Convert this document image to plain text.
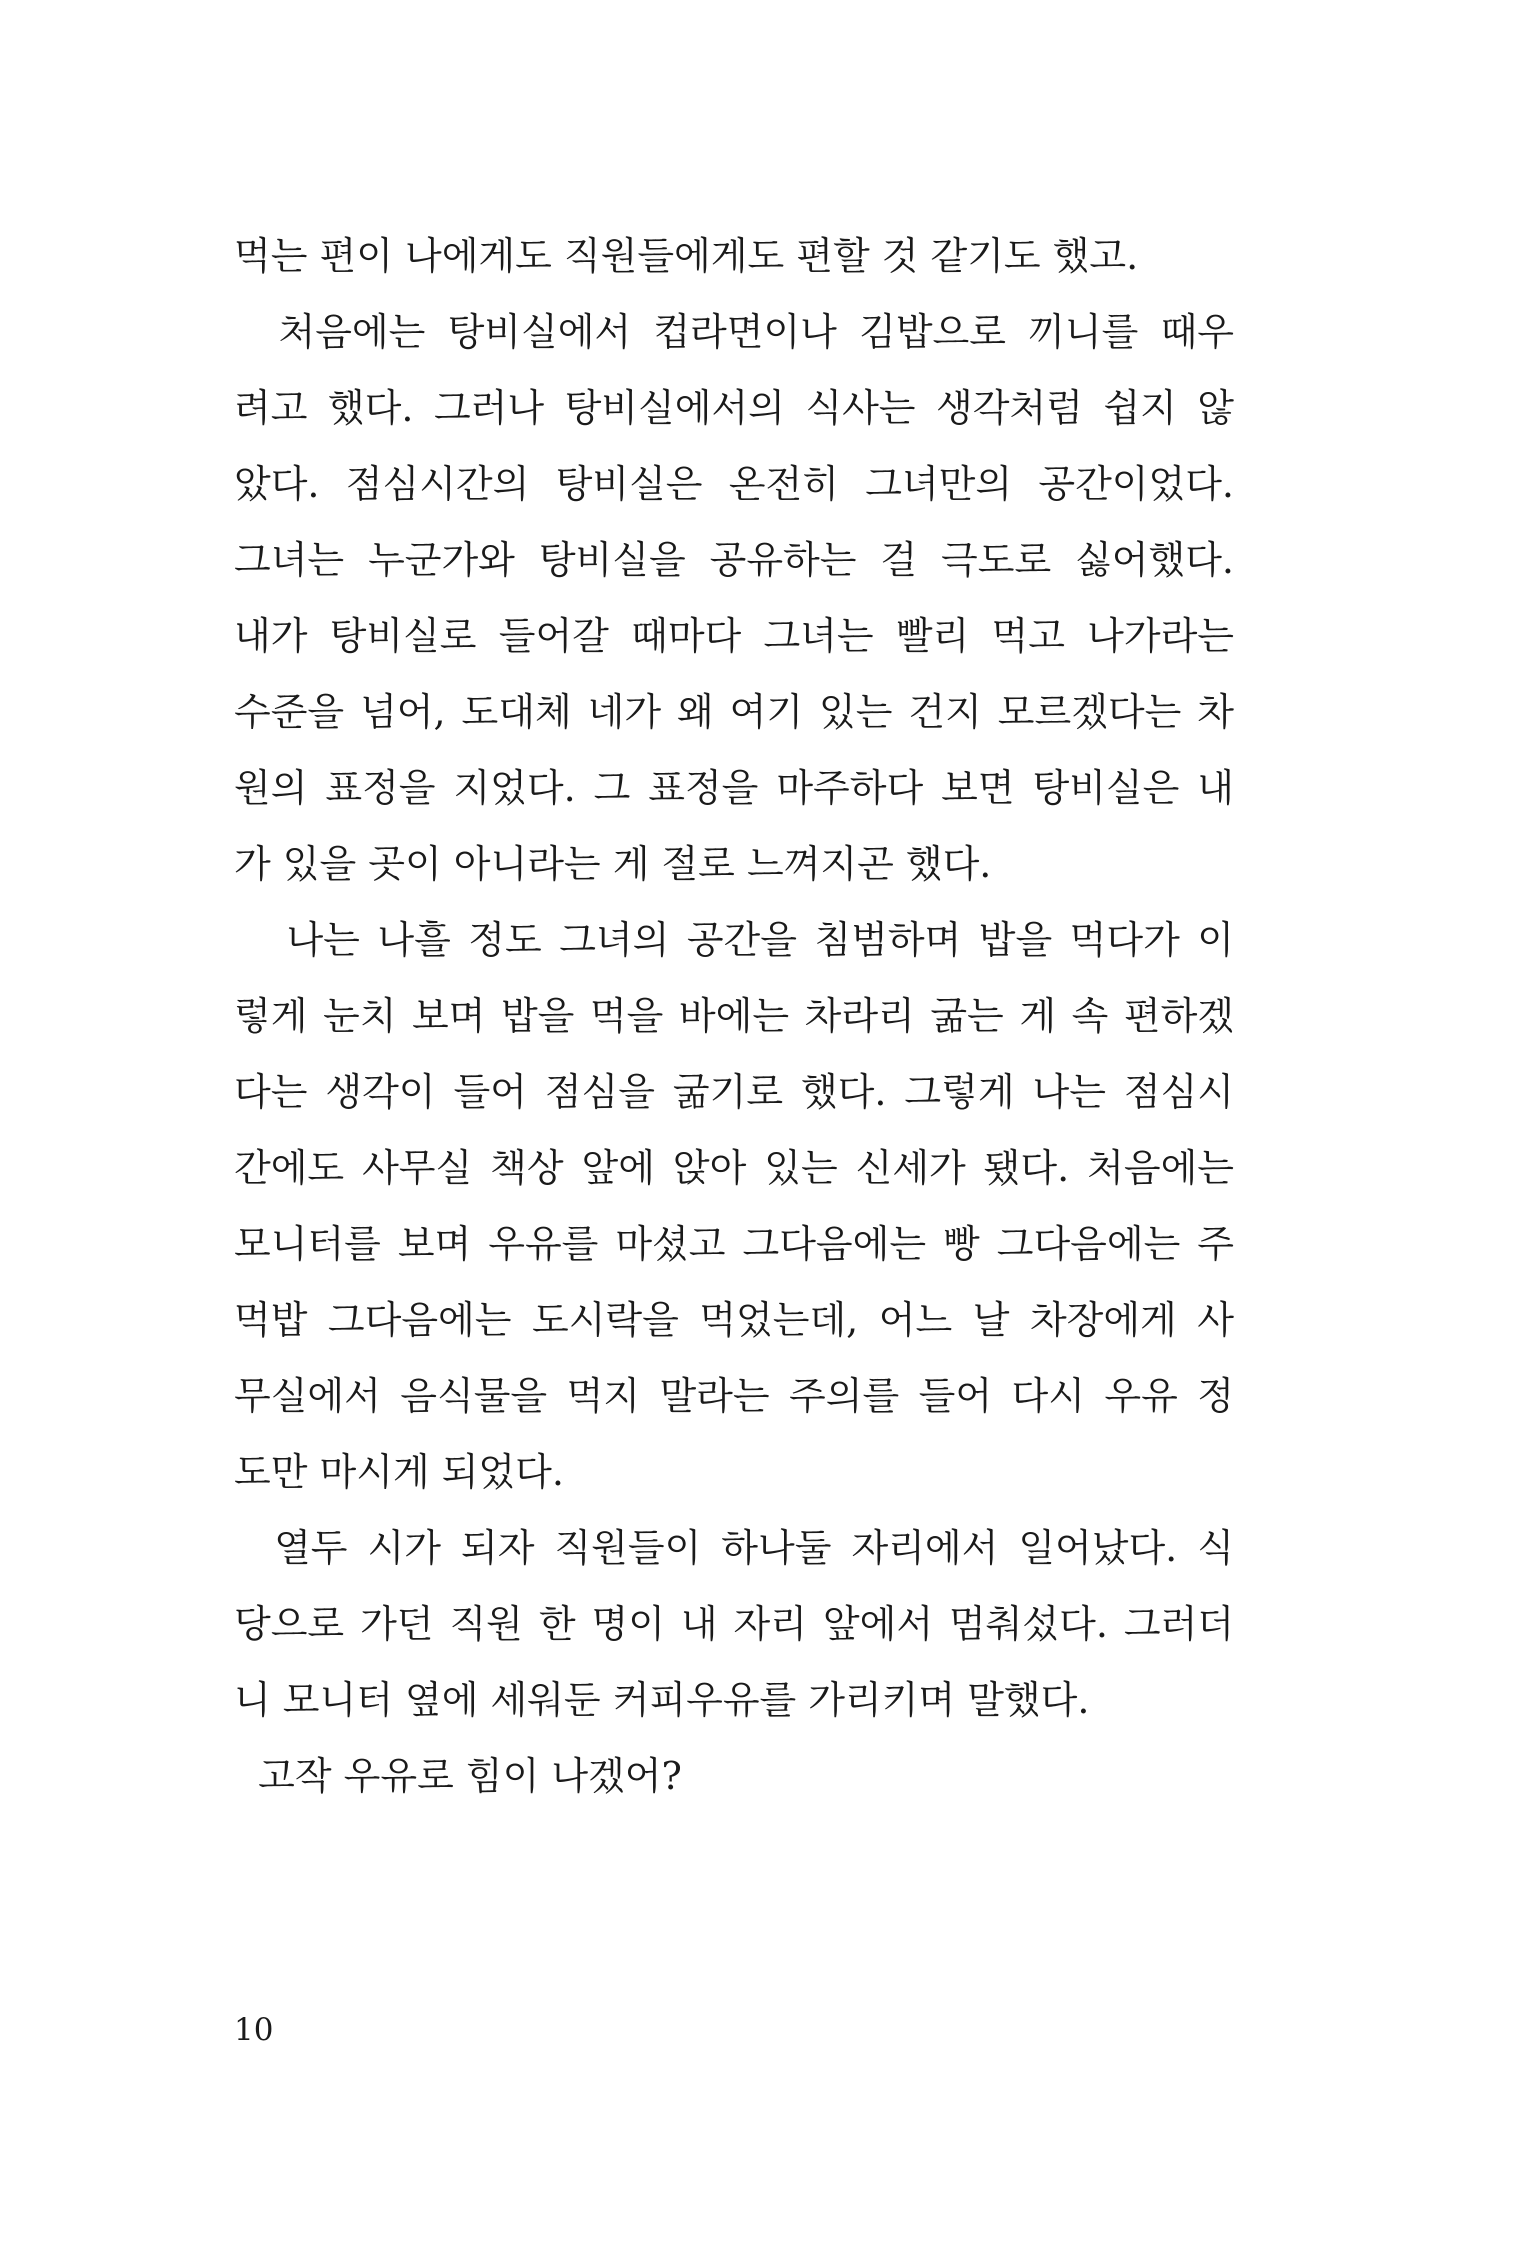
먹는 편이 나에게도 직원들에게도 편할 것 같기도 했고.
처음에는 탕비실에서 컵라면이나 김밥으로 끼니를 때우
려고 했다. 그러나 탕비실에서의 식사는 생각처럼 쉽지 않
았다. 점심시간의 탕비실은 온전히 그녀만의 공간이었다.
그녀는 누군가와 탕비실을 공유하는 걸 극도로 싫어했다.
내가 탕비실로 들어갈 때마다 그녀는 빨리 먹고 나가라는
수준을 넘어, 도대체 네가 왜 여기 있는 건지 모르겠다는 차
원의 표정을 지었다. 그 표정을 마주하다 보면 탕비실은 내
가 있을 곳이 아니라는 게 절로 느껴지곤 했다.
나는 나흘 정도 그녀의 공간을 침범하며 밥을 먹다가 이
렇게 눈치 보며 밥을 먹을 바에는 차라리 굶는 게 속 편하겠
다는 생각이 들어 점심을 굶기로 했다. 그렇게 나는 점심시
간에도 사무실 책상 앞에 앉아 있는 신세가 됐다. 처음에는
모니터를 보며 우유를 마셨고 그다음에는 빵 그다음에는 주
먹밥 그다음에는 도시락을 먹었는데, 어느 날 차장에게 사
무실에서 음식물을 먹지 말라는 주의를 들어 다시 우유 정
도만 마시게 되었다.
열두 시가 되자 직원들이 하나둘 자리에서 일어났다. 식
당으로 가던 직원 한 명이 내 자리 앞에서 멈춰섰다. 그러더
니 모니터 옆에 세워둔 커피우유를 가리키며 말했다.
고작 우유로 힘이 나겠어?
10
